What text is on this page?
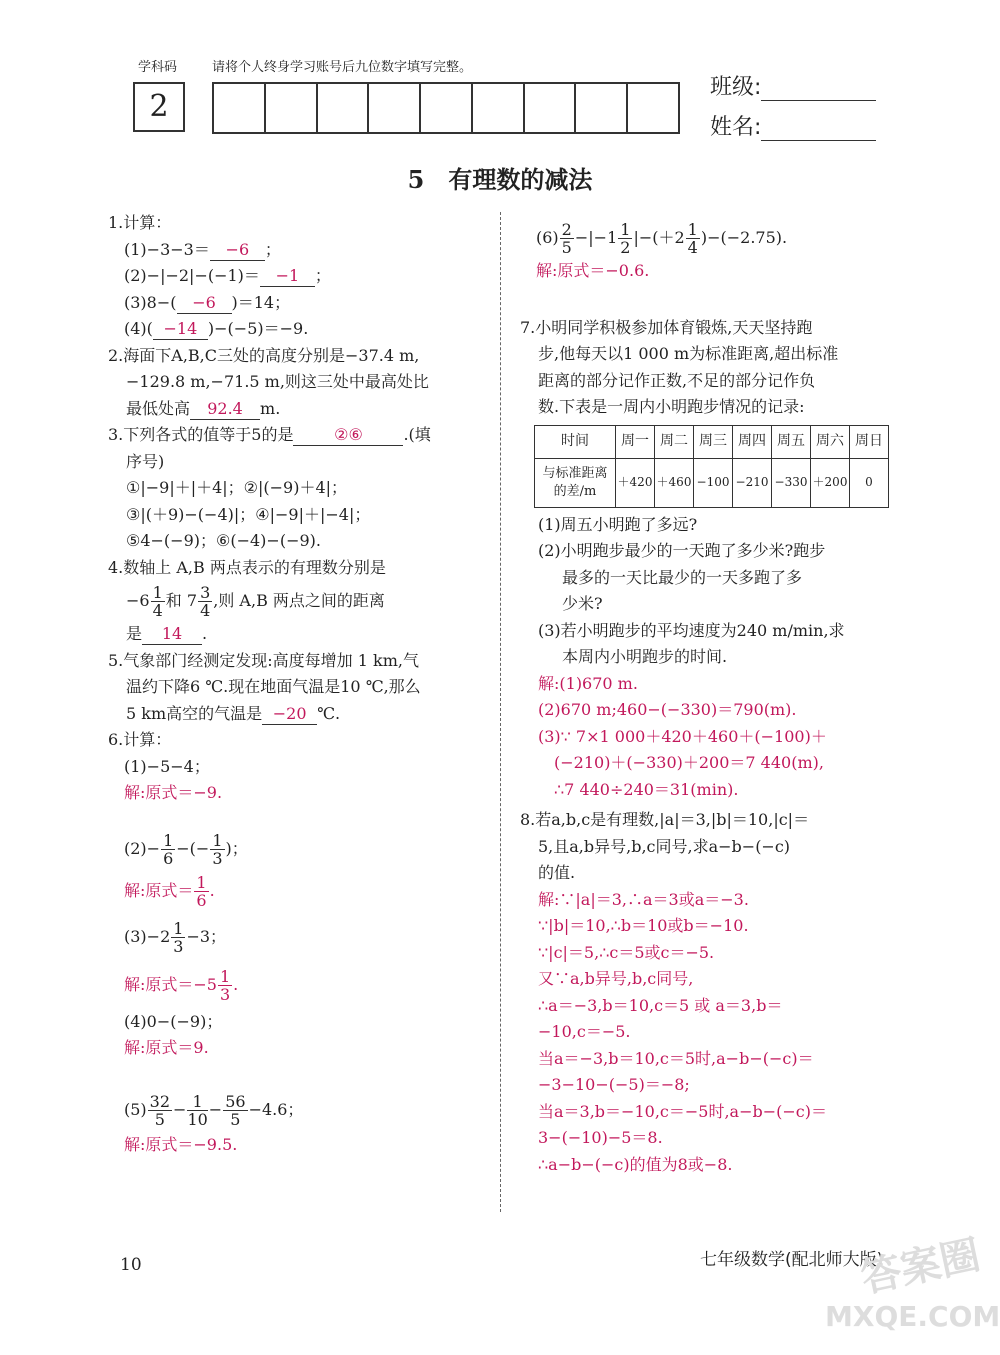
学科码	请将个人终身学习账号后九位数字填写完整。
2
班级:
姓名:
5　有理数的减法
1.计算：
(1)−3−3＝ −6 ；
(2)−|−2|−(−1)＝ −1 ；
(3)8−( −6 )＝14；
(4)( −14 )−(−5)＝−9.
2.海面下A,B,C三处的高度分别是−37.4 m,
−129.8 m,−71.5 m,则这三处中最高处比
最低处高 92.4 m.
3.下列各式的值等于5的是	②⑥	.(填
序号)
①|−9|＋|＋4|；②|(−9)＋4|；
③|(＋9)−(−4)|；④|−9|＋|−4|；
⑤4−(−9)；⑥(−4)−(−9).
4.数轴上 A,B 两点表示的有理数分别是
$-6 \frac{1}{4}$ 和 $7 \frac{3}{4}$ ,则 A,B 两点之间的距离
是 14 .
5.气象部门经测定发现:高度每增加 1 km,气
温约下降6 ℃.现在地面气温是10 ℃,那么
5 km高空的气温是 −20 ℃.
6.计算：
(1)−5−4；
解:原式＝−9.
$(2)- \frac{1}{6}$ −(− $\frac{1}{3}$ )；
解:原式＝ $\frac{1}{6}$ .
$(3)-2 \frac{1}{3} -3$；
解:原式$=-5 \frac{1}{3}$ .
(4)0−(−9)；
解:原式＝9.
$(5) \frac{32}{5} - \frac{1}{10} - \frac{56}{5} -4.6$；
解:原式＝−9.5.
$(6) \frac{2}{5} -|-1 \frac{1}{2} |-(+2 \frac{1}{4} )-(-2.75)$.
解:原式＝−0.6.
7.小明同学积极参加体育锻炼,天天坚持跑
步,他每天以1 000 m为标准距离,超出标准
距离的部分记作正数,不足的部分记作负
数.下表是一周内小明跑步情况的记录:
时间	周一	周二	周三	周四	周五	周六	周日
与标准距离
的差/m	＋420	＋460	−100	−210	−330	＋200	0
(1)周五小明跑了多远?
(2)小明跑步最少的一天跑了多少米?跑步
最多的一天比最少的一天多跑了多
少米?
(3)若小明跑步的平均速度为240 m/min,求
本周内小明跑步的时间.
解:(1)670 m.
(2)670 m;460−(−330)＝790(m).
(3)∵ 7×1 000＋420＋460＋(−100)＋
(−210)＋(−330)＋200＝7 440(m),
∴7 440÷240＝31(min).
8.若a,b,c是有理数,|a|＝3,|b|＝10,|c|＝
5,且a,b异号,b,c同号,求a−b−(−c)
的值.
解:∵|a|＝3,∴a＝3或a＝−3.
∵|b|＝10,∴b＝10或b＝−10.
∵|c|＝5,∴c＝5或c＝−5.
又∵a,b异号,b,c同号,
∴a＝−3,b＝10,c＝5 或 a＝3,b＝
−10,c＝−5.
当a＝−3,b＝10,c＝5时,a−b−(−c)＝
−3−10−(−5)＝−8;
当a＝3,b＝−10,c＝−5时,a−b−(−c)＝
3−(−10)−5＝8.
∴a−b−(−c)的值为8或−8.
10	七年级数学(配北师大版)
答案圈
MXQE.COM
